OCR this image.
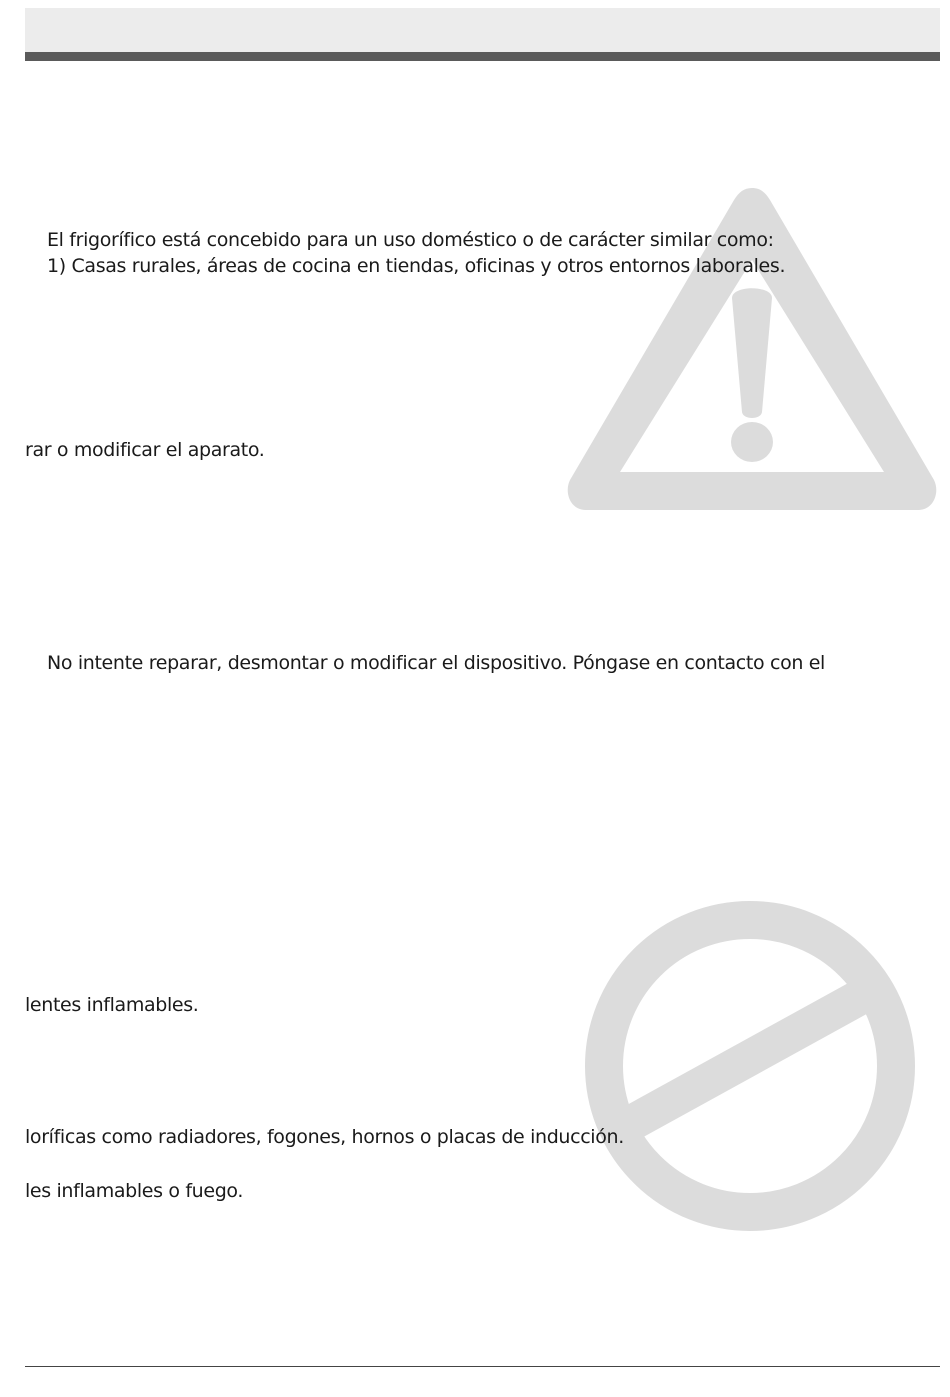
El frigorífico está concebido para un uso doméstico o de carácter similar como:
1) Casas rurales, áreas de cocina en tiendas, oficinas y otros entornos laborales.
rar o modificar el aparato.
No intente reparar, desmontar o modificar el dispositivo. Póngase en contacto con el
lentes inflamables.
loríficas como radiadores, fogones, hornos o placas de inducción.
les inflamables o fuego.
